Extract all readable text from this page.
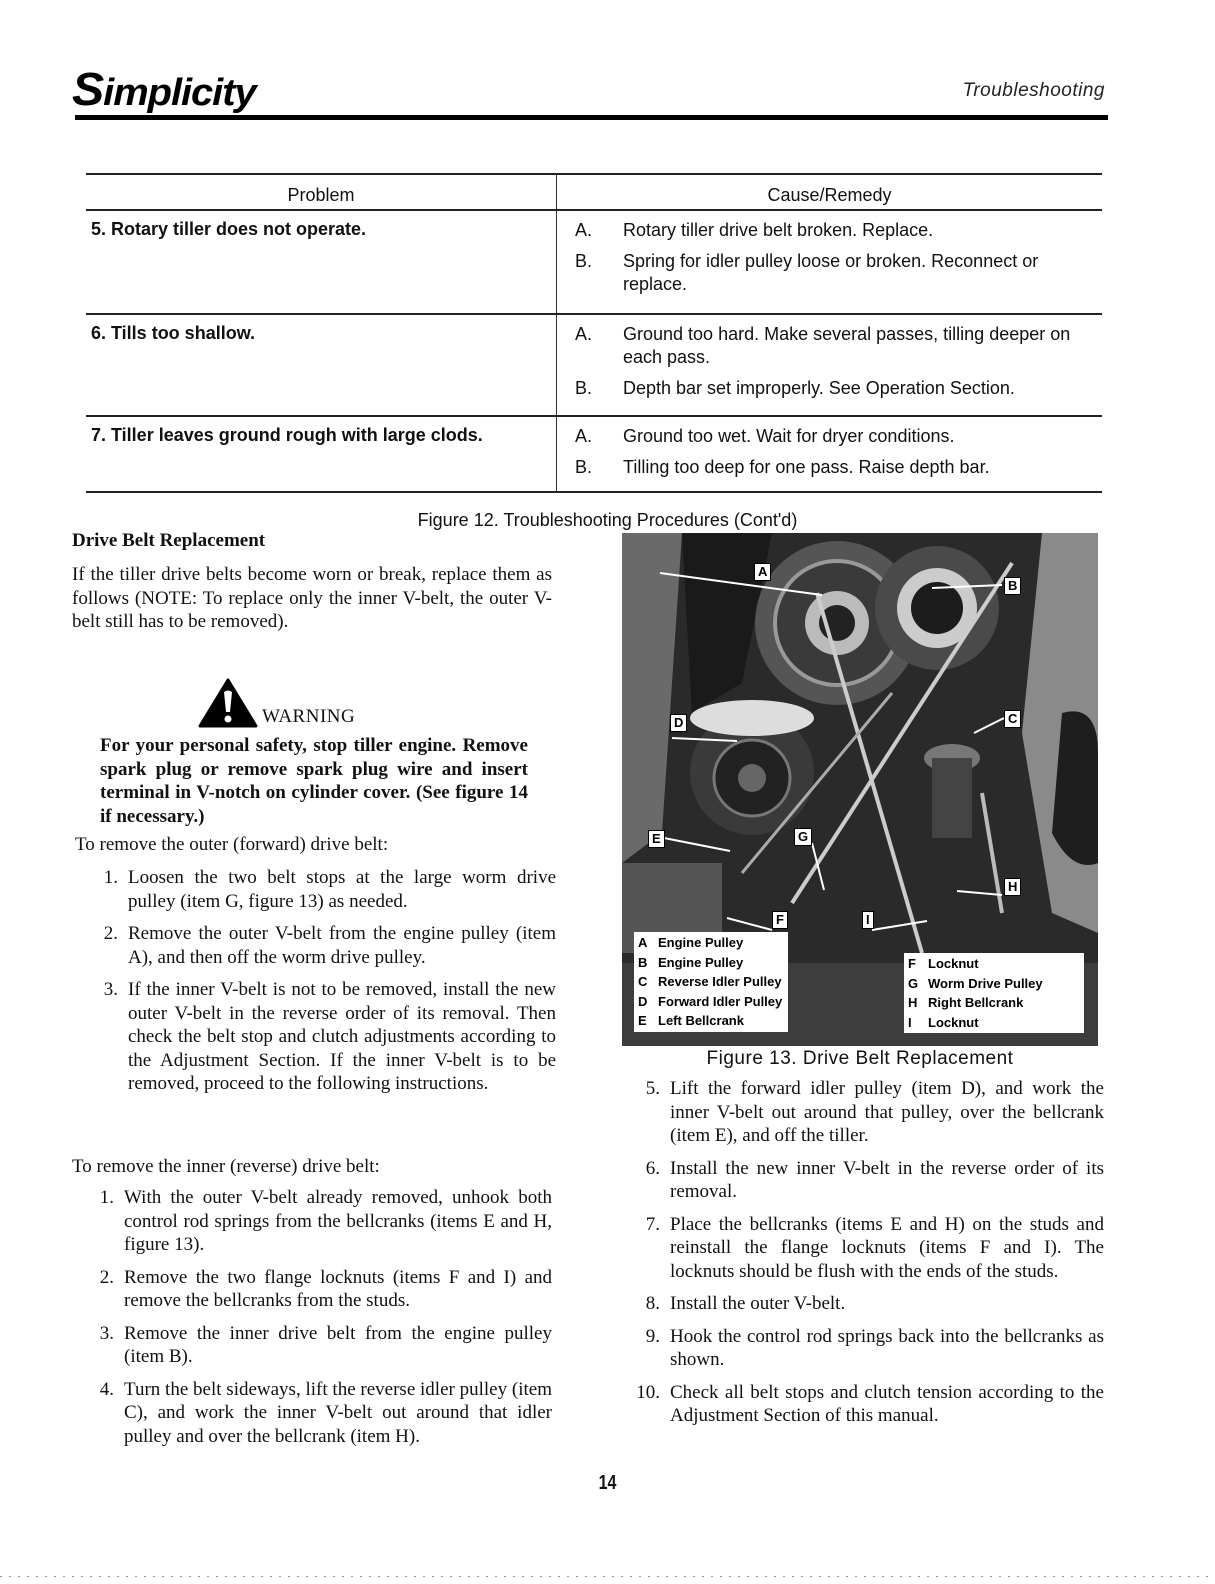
Simplicity	Troubleshooting
Problem	Cause/Remedy
5. Rotary tiller does not operate.	A.	Rotary tiller drive belt broken. Replace.
B.	Spring for idler pulley loose or broken. Reconnect or replace.
6. Tills too shallow.	A.	Ground too hard. Make several passes, tilling deeper on each pass.
B.	Depth bar set improperly. See Operation Section.
7. Tiller leaves ground rough with large clods.	A.	Ground too wet. Wait for dryer conditions.
B.	Tilling too deep for one pass. Raise depth bar.
Figure 12. Troubleshooting Procedures (Cont'd)
Drive Belt Replacement
If the tiller drive belts become worn or break, replace them as follows (NOTE: To replace only the inner V-belt, the outer V-belt still has to be removed).
WARNING
For your personal safety, stop tiller engine. Remove spark plug or remove spark plug wire and insert terminal in V-notch on cylinder cover. (See figure 14 if necessary.)
To remove the outer (forward) drive belt:
1. Loosen the two belt stops at the large worm drive pulley (item G, figure 13) as needed.
2. Remove the outer V-belt from the engine pulley (item A), and then off the worm drive pulley.
3. If the inner V-belt is not to be removed, install the new outer V-belt in the reverse order of its removal. Then check the belt stop and clutch adjustments according to the Adjustment Section. If the inner V-belt is to be removed, proceed to the following instructions.
To remove the inner (reverse) drive belt:
1. With the outer V-belt already removed, unhook both control rod springs from the bellcranks (items E and H, figure 13).
2. Remove the two flange locknuts (items F and I) and remove the bellcranks from the studs.
3. Remove the inner drive belt from the engine pulley (item B).
4. Turn the belt sideways, lift the reverse idler pulley (item C), and work the inner V-belt out around that idler pulley and over the bellcrank (item H).
A
B
C
D
E
F
G
H
I
A Engine Pulley
B Engine Pulley
C Reverse Idler Pulley
D Forward Idler Pulley
E Left Bellcrank
F Locknut
G Worm Drive Pulley
H Right Bellcrank
I	Locknut
Figure 13. Drive Belt Replacement
5. Lift the forward idler pulley (item D), and work the inner V-belt out around that pulley, over the bellcrank (item E), and off the tiller.
6. Install the new inner V-belt in the reverse order of its removal.
7. Place the bellcranks (items E and H) on the studs and reinstall the flange locknuts (items F and I). The locknuts should be flush with the ends of the studs.
8. Install the outer V-belt.
9. Hook the control rod springs back into the bellcranks as shown.
10. Check all belt stops and clutch tension according to the Adjustment Section of this manual.
14
